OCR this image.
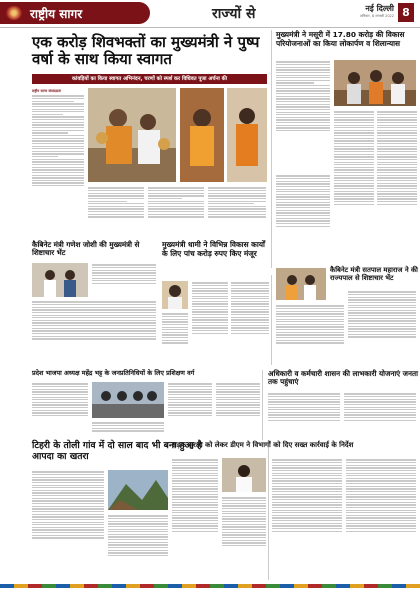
राष्ट्रीय सागर	राज्यों से	नई दिल्ली
शनिवार, 8 जनवरी 2022 8
एक करोड़ शिवभक्तों का मुख्यमंत्री ने पुष्प वर्षा के साथ किया स्वागत
कांवड़ियों का किया स्वागत अभिनंदन, चरणों को स्पर्श कर विधिवत पूजा अर्चना की
राष्ट्रीय सागर संवाददाता
मुख्यमंत्री ने मसूरी में 17.80 करोड़ की विकास परियोजनाओं का किया लोकार्पण व शिलान्यास
कैबिनेट मंत्री गणेश जोशी की मुख्यमंत्री से शिष्टाचार भेंट
मुख्यमंत्री धामी ने विभिन्न विकास कार्यों के लिए पांच करोड़ रुपए किए मंजूर
कैबिनेट मंत्री सतपाल महाराज ने की राज्यपाल से शिष्टाचार भेंट
प्रदेश भाजपा अध्यक्ष महेंद्र भट्ट के जनप्रतिनिधियों के लिए प्रशिक्षण वर्ग	अधिकारी व कर्मचारी शासन की लाभकारी योजनाएं जनता तक पहुंचाएं
टिहरी के तोली गांव में दो साल बाद भी बना हुआ है आपदा का खतरा
सड़क सुरक्षा को लेकर डीएम ने विभागों को दिए सख्त कार्रवाई के निर्देश
